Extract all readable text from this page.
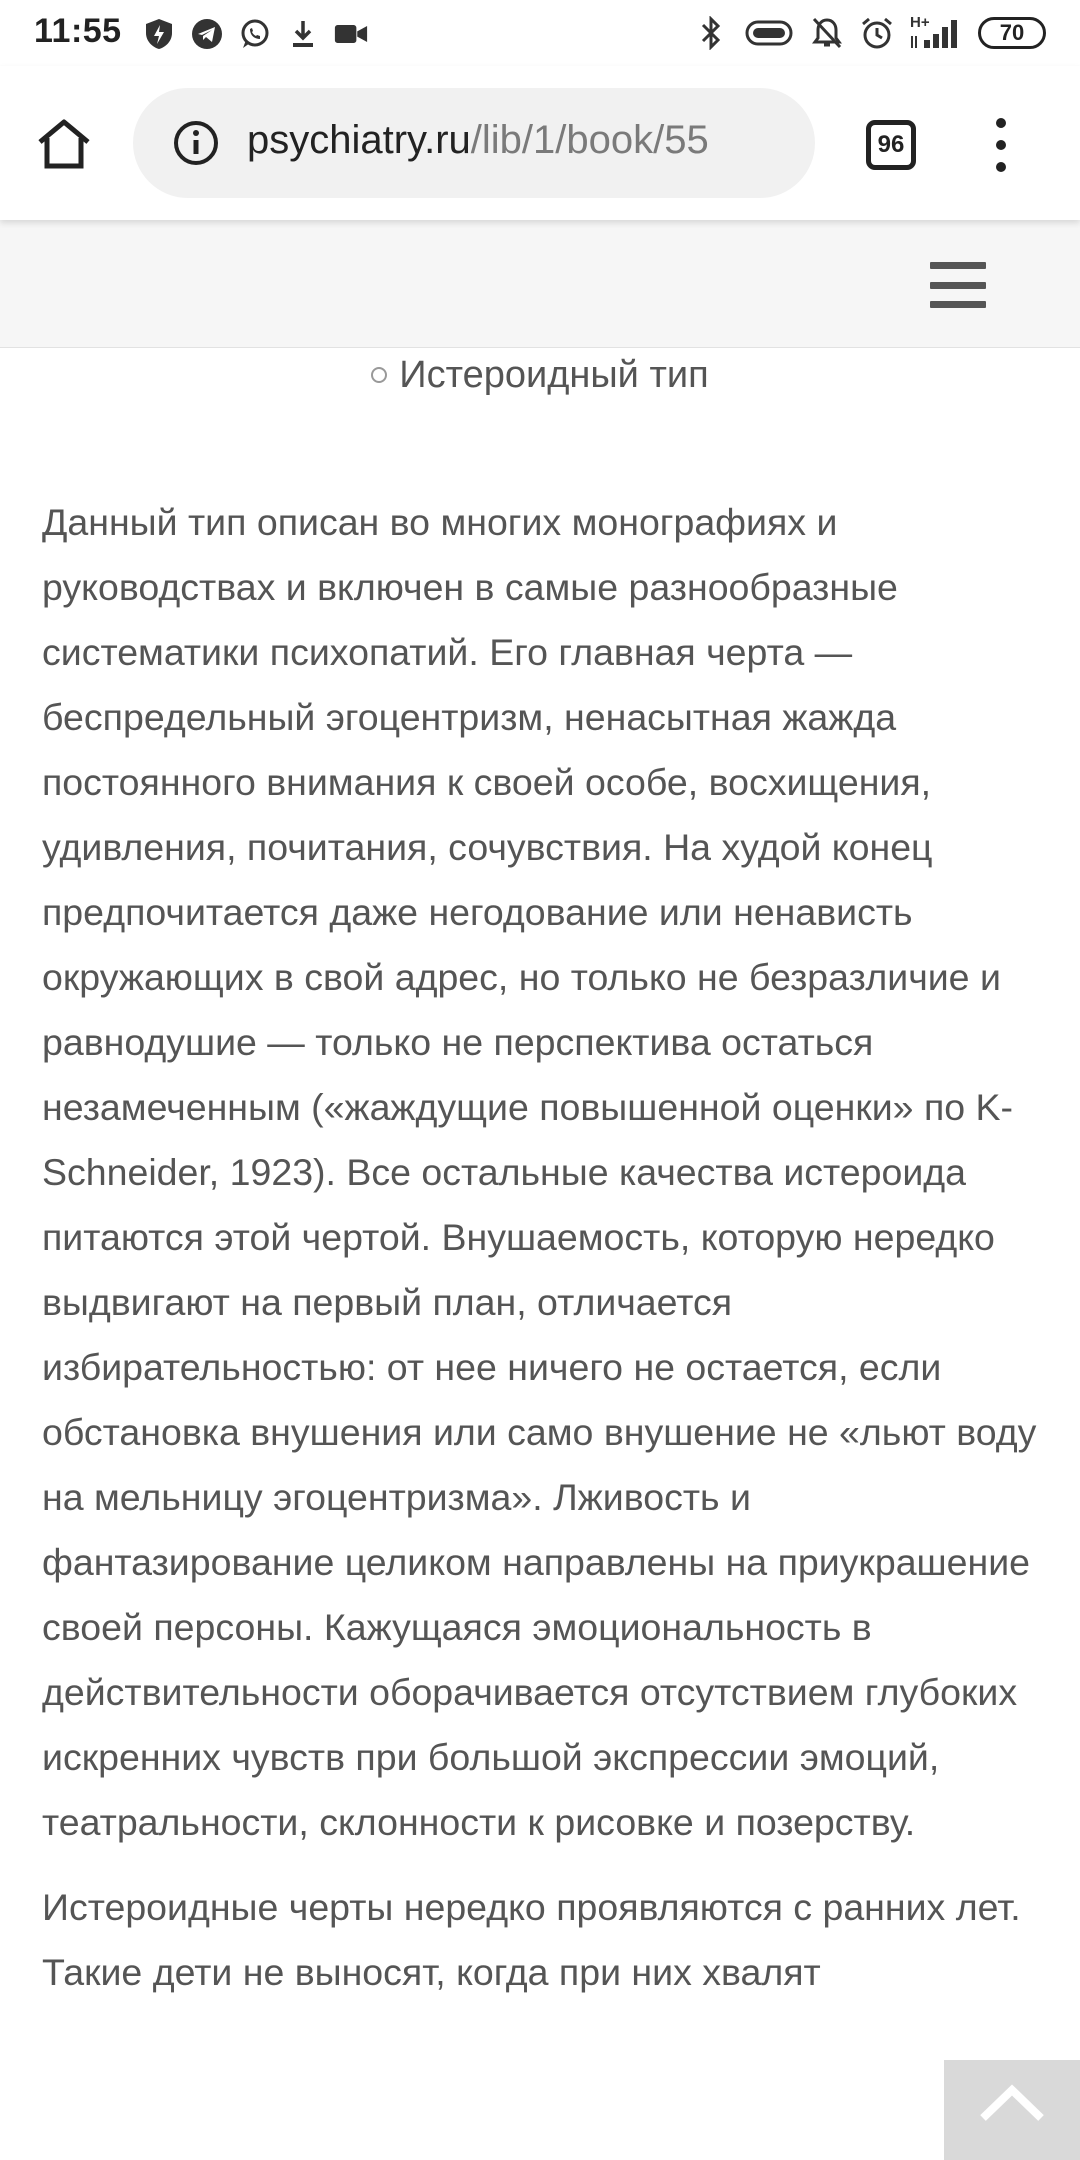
11:55	H+	70
psychiatry.ru/lib/1/book/55	96
Истероидный тип

Данный тип описан во многих монографиях и руководствах и включен в самые разнообразные систематики психопатий. Его главная черта — беспредельный эгоцентризм, ненасытная жажда постоянного внимания к своей особе, восхищения, удивления, почитания, сочувствия. На худой конец предпочитается даже негодование или ненависть окружающих в свой адрес, но только не безразличие и равнодушие — только не перспектива остаться незамеченным («жаждущие повышенной оценки» по K- Schneider, 1923). Все остальные качества истероида питаются этой чертой. Внушаемость, которую нередко выдвигают на первый план, отличается избирательностью: от нее ничего не остается, если обстановка внушения или само внушение не «льют воду на мельницу эгоцентризма». Лживость и фантазирование целиком направлены на приукрашение своей персоны. Кажущаяся эмоциональность в действительности оборачивается отсутствием глубоких искренних чувств при большой экспрессии эмоций, театральности, склонности к рисовке и позерству.

Истероидные черты нередко проявляются с ранних лет. Такие дети не выносят, когда при них хвалят
